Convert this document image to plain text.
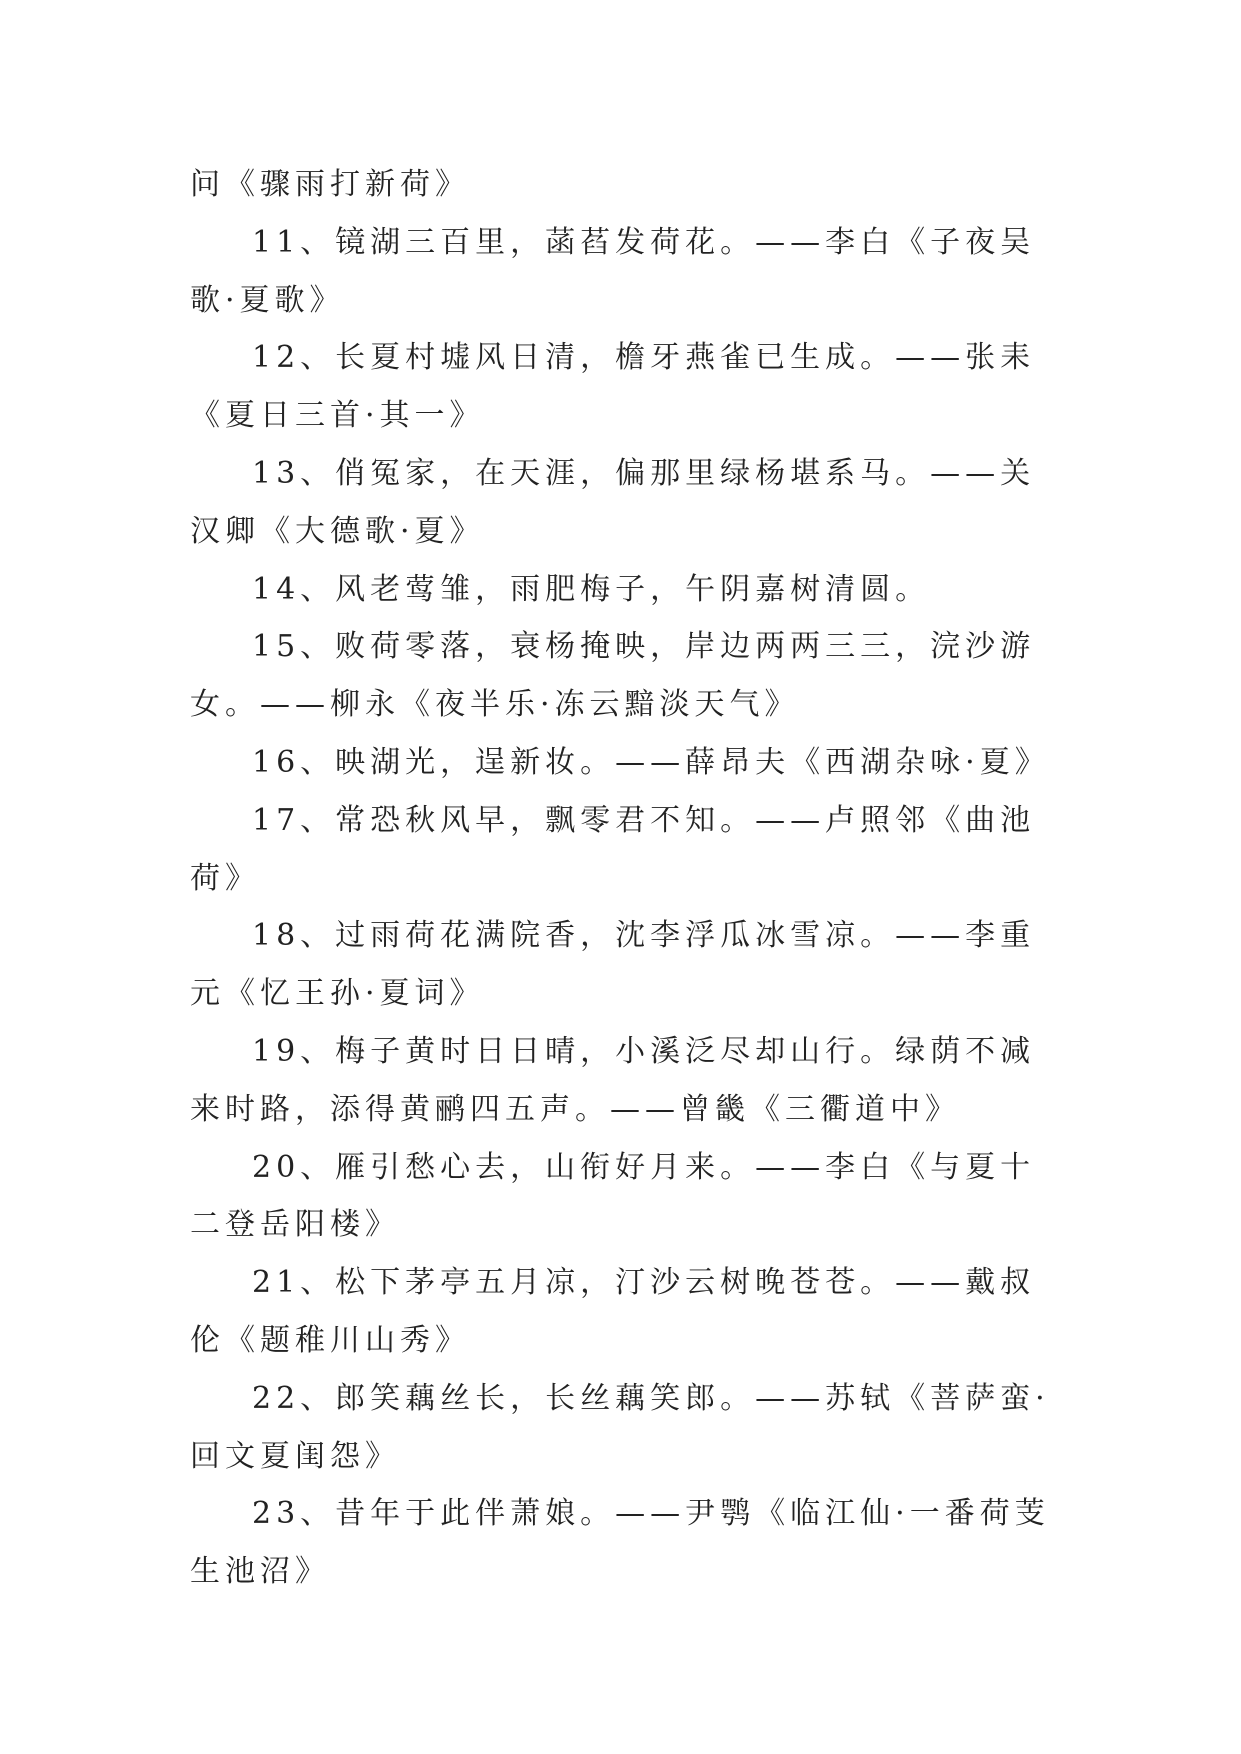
问《骤雨打新荷》

11、镜湖三百里，菡萏发荷花。——李白《子夜吴歌·夏歌》

12、长夏村墟风日清，檐牙燕雀已生成。——张耒《夏日三首·其一》

13、俏冤家，在天涯，偏那里绿杨堪系马。——关汉卿《大德歌·夏》

14、风老莺雏，雨肥梅子，午阴嘉树清圆。

15、败荷零落，衰杨掩映，岸边两两三三，浣沙游女。——柳永《夜半乐·冻云黯淡天气》

16、映湖光，逞新妆。——薛昂夫《西湖杂咏·夏》

17、常恐秋风早，飘零君不知。——卢照邻《曲池荷》

18、过雨荷花满院香，沈李浮瓜冰雪凉。——李重元《忆王孙·夏词》

19、梅子黄时日日晴，小溪泛尽却山行。绿荫不减来时路，添得黄鹂四五声。——曾畿《三衢道中》

20、雁引愁心去，山衔好月来。——李白《与夏十二登岳阳楼》

21、松下茅亭五月凉，汀沙云树晚苍苍。——戴叔伦《题稚川山秀》

22、郎笑藕丝长，长丝藕笑郎。——苏轼《菩萨蛮·回文夏闺怨》

23、昔年于此伴萧娘。——尹鹗《临江仙·一番荷芰生池沼》
